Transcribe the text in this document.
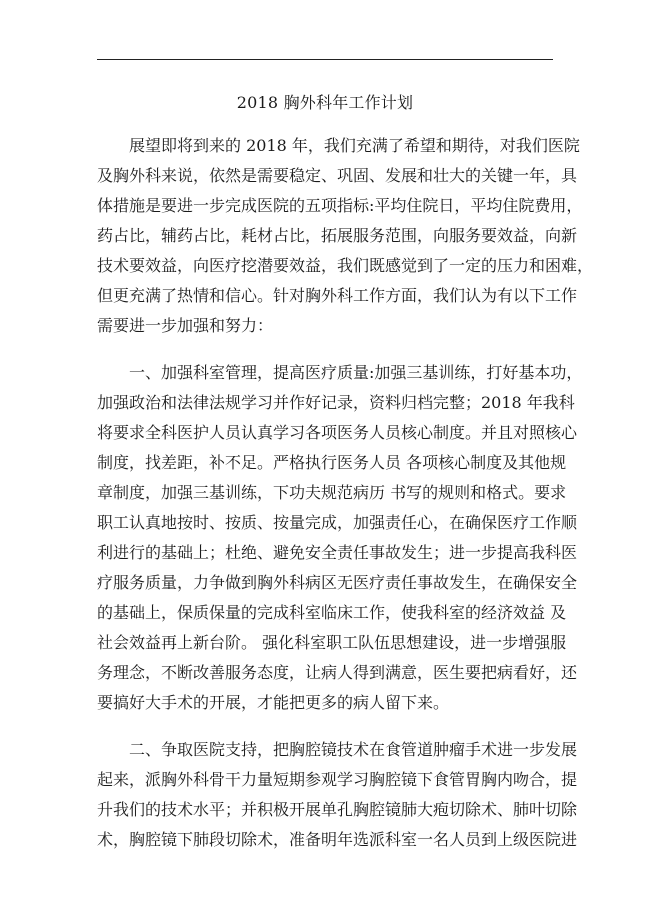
2018 胸外科年工作计划
　　展望即将到来的 2018 年，我们充满了希望和期待，对我们医院
及胸外科来说，依然是需要稳定、巩固、发展和壮大的关键一年，具
体措施是要进一步完成医院的五项指标:平均住院日，平均住院费用，
药占比，辅药占比，耗材占比，拓展服务范围，向服务要效益，向新
技术要效益，向医疗挖潜要效益，我们既感觉到了一定的压力和困难，
但更充满了热情和信心。针对胸外科工作方面，我们认为有以下工作
需要进一步加强和努力：
　　一、加强科室管理，提高医疗质量:加强三基训练，打好基本功，
加强政治和法律法规学习并作好记录，资料归档完整；2018 年我科
将要求全科医护人员认真学习各项医务人员核心制度。并且对照核心
制度，找差距，补不足。严格执行医务人员 各项核心制度及其他规
章制度，加强三基训练，下功夫规范病历 书写的规则和格式。要求
职工认真地按时、按质、按量完成，加强责任心，在确保医疗工作顺
利进行的基础上；杜绝、避免安全责任事故发生；进一步提高我科医
疗服务质量，力争做到胸外科病区无医疗责任事故发生，在确保安全
的基础上，保质保量的完成科室临床工作，使我科室的经济效益 及
社会效益再上新台阶。 强化科室职工队伍思想建设，进一步增强服
务理念，不断改善服务态度，让病人得到满意，医生要把病看好，还
要搞好大手术的开展，才能把更多的病人留下来。
　　二、争取医院支持，把胸腔镜技术在食管道肿瘤手术进一步发展
起来，派胸外科骨干力量短期参观学习胸腔镜下食管胃胸内吻合，提
升我们的技术水平；并积极开展单孔胸腔镜肺大疱切除术、肺叶切除
术，胸腔镜下肺段切除术，准备明年选派科室一名人员到上级医院进
